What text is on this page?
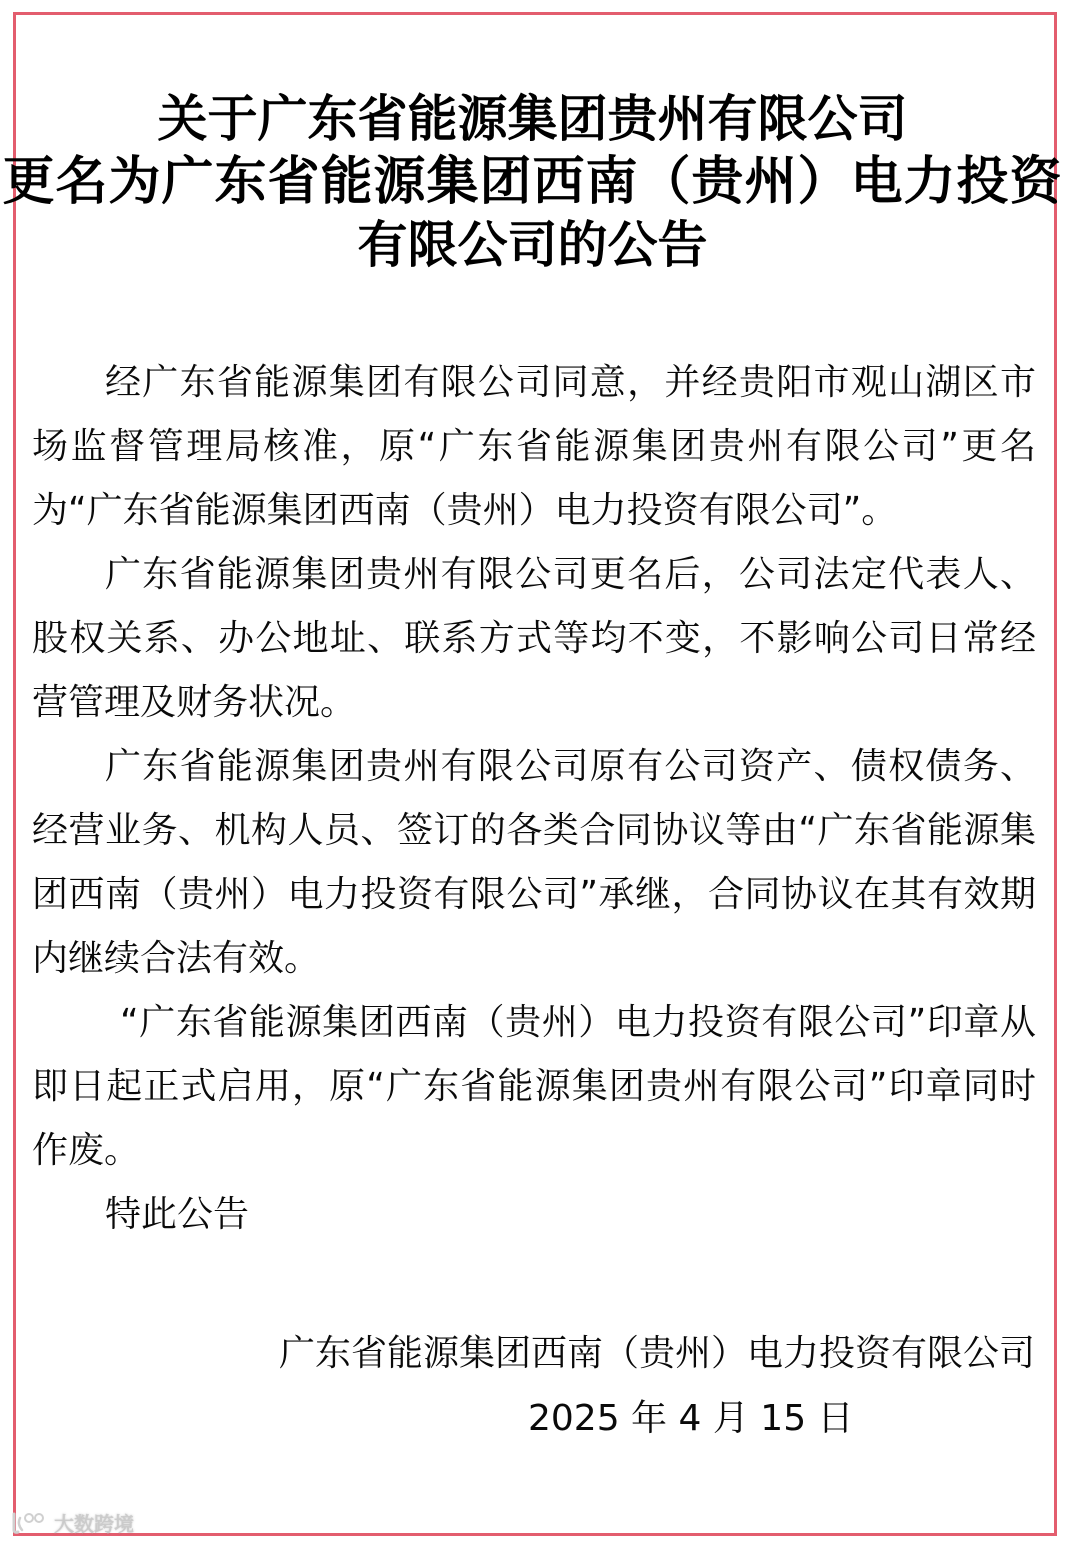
关于广东省能源集团贵州有限公司
更名为广东省能源集团西南（贵州）电力投资
有限公司的公告

经广东省能源集团有限公司同意，并经贵阳市观山湖区市场监督管理局核准，原“广东省能源集团贵州有限公司”更名为“广东省能源集团西南（贵州）电力投资有限公司”。

广东省能源集团贵州有限公司更名后，公司法定代表人、股权关系、办公地址、联系方式等均不变，不影响公司日常经营管理及财务状况。

广东省能源集团贵州有限公司原有公司资产、债权债务、经营业务、机构人员、签订的各类合同协议等由“广东省能源集团西南（贵州）电力投资有限公司”承继，合同协议在其有效期内继续合法有效。

“广东省能源集团西南（贵州）电力投资有限公司”印章从即日起正式启用，原“广东省能源集团贵州有限公司”印章同时作废。

特此公告

广东省能源集团西南（贵州）电力投资有限公司
2025 年 4 月 15 日
大数跨境
